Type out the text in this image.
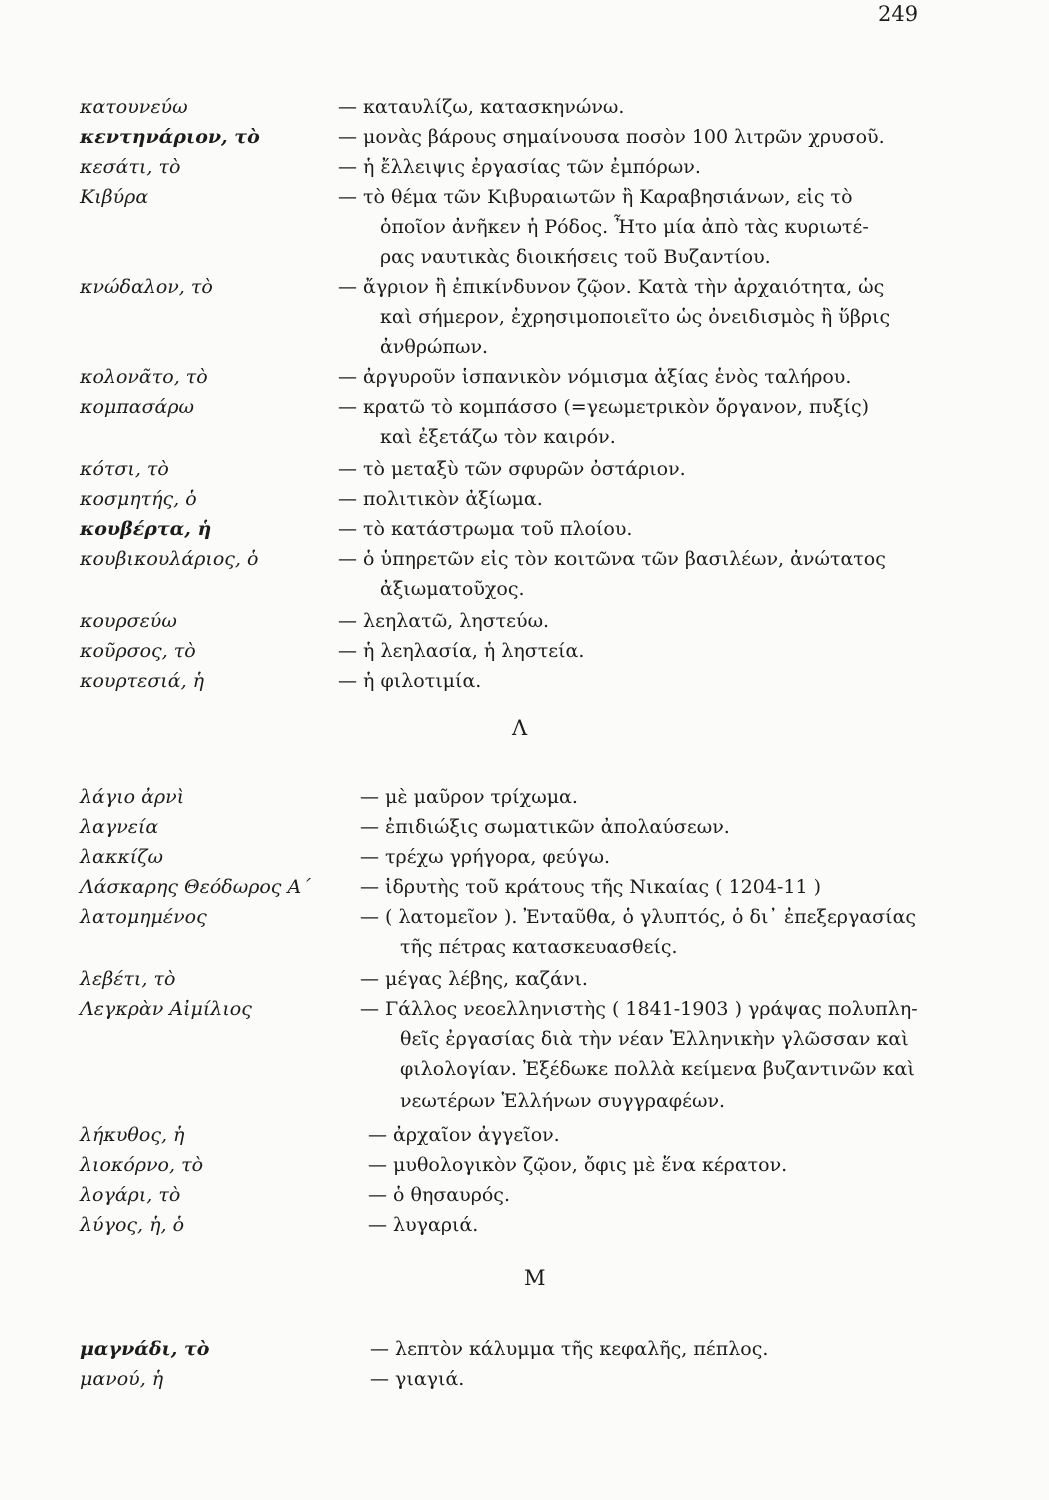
249
κατουνεύω	— καταυλίζω, κατασκηνώνω.
κεντηνάριον, τὸ	— μονὰς βάρους σημαίνουσα ποσὸν 100 λιτρῶν χρυσοῦ.
κεσάτι, τὸ	— ἡ ἔλλειψις ἐργασίας τῶν ἐμπόρων.
Κιβύρα	— τὸ θέμα τῶν Κιβυραιωτῶν ἢ Καραβησιάνων, εἰς τὸ
ὁποῖον ἀνῆκεν ἡ Ρόδος. Ἦτο μία ἀπὸ τὰς κυριωτέ-
ρας ναυτικὰς διοικήσεις τοῦ Βυζαντίου.
κνώδαλον, τὸ	— ἄγριον ἢ ἐπικίνδυνον ζῷον. Κατὰ τὴν ἀρχαιότητα, ὡς
καὶ σήμερον, ἐχρησιμοποιεῖτο ὡς ὀνειδισμὸς ἢ ὕβρις
ἀνθρώπων.
κολονᾶτο, τὸ	— ἀργυροῦν ἱσπανικὸν νόμισμα ἀξίας ἑνὸς ταλήρου.
κομπασάρω	— κρατῶ τὸ κομπάσσο (=γεωμετρικὸν ὄργανον, πυξίς)
καὶ ἐξετάζω τὸν καιρόν.
κότσι, τὸ	— τὸ μεταξὺ τῶν σφυρῶν ὀστάριον.
κοσμητής, ὁ	— πολιτικὸν ἀξίωμα.
κουβέρτα, ἡ	— τὸ κατάστρωμα τοῦ πλοίου.
κουβικουλάριος, ὁ	— ὁ ὑπηρετῶν εἰς τὸν κοιτῶνα τῶν βασιλέων, ἀνώτατος
ἀξιωματοῦχος.
κουρσεύω	— λεηλατῶ, ληστεύω.
κοῦρσος, τὸ	— ἡ λεηλασία, ἡ ληστεία.
κουρτεσιά, ἡ	— ἡ φιλοτιμία.
Λ
λάγιο ἀρνὶ	— μὲ μαῦρον τρίχωμα.
λαγνεία	— ἐπιδιώξις σωματικῶν ἀπολαύσεων.
λακκίζω	— τρέχω γρήγορα, φεύγω.
Λάσκαρης Θεόδωρος Α΄	— ἱδρυτὴς τοῦ κράτους τῆς Νικαίας ( 1204-11 )
λατομημένος	— ( λατομεῖον ). Ἐνταῦθα, ὁ γλυπτός, ὁ δι᾽ ἐπεξεργασίας
τῆς πέτρας κατασκευασθείς.
λεβέτι, τὸ	— μέγας λέβης, καζάνι.
Λεγκρὰν Αἰμίλιος	— Γάλλος νεοελληνιστὴς ( 1841-1903 ) γράψας πολυπλη-
θεῖς ἐργασίας διὰ τὴν νέαν Ἑλληνικὴν γλῶσσαν καὶ
φιλολογίαν. Ἐξέδωκε πολλὰ κείμενα βυζαντινῶν καὶ
νεωτέρων Ἑλλήνων συγγραφέων.
λήκυθος, ἡ	— ἀρχαῖον ἀγγεῖον.
λιοκόρνο, τὸ	— μυθολογικὸν ζῷον, ὄφις μὲ ἕνα κέρατον.
λογάρι, τὸ	— ὁ θησαυρός.
λύγος, ἡ, ὁ	— λυγαριά.
Μ
μαγνάδι, τὸ	— λεπτὸν κάλυμμα τῆς κεφαλῆς, πέπλος.
μανού, ἡ	— γιαγιά.
